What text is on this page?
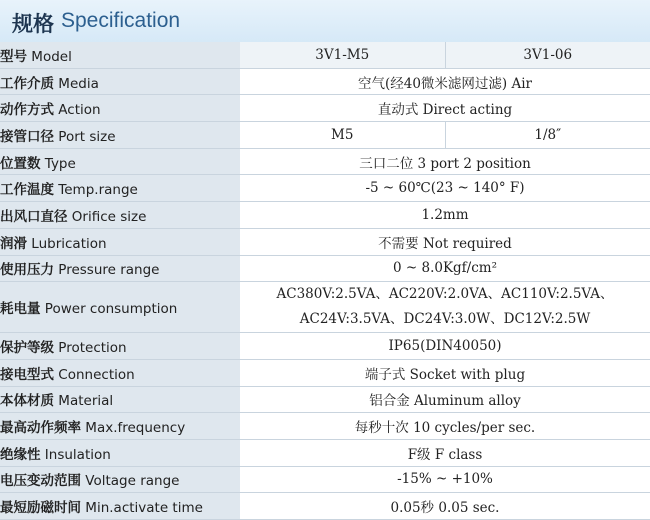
规格 Specification
型号 Model	3V1-M5	3V1-06
工作介质 Media	空气(经40微米滤网过滤) Air	
动作方式 Action	直动式 Direct acting	
接管口径 Port size	M5	1/8″
位置数 Type	三口二位 3 port 2 position	
工作温度 Temp.range	-5 ~ 60℃(23 ~ 140° F)	
出风口直径 Orifice size	1.2mm	
润滑 Lubrication	不需要 Not required	
使用压力 Pressure range	0 ~ 8.0Kgf/cm²	
耗电量 Power consumption	AC380V:2.5VA、AC220V:2.0VA、AC110V:2.5VA、
AC24V:3.5VA、DC24V:3.0W、DC12V:2.5W	

保护等级 Protection	IP65(DIN40050)	
接电型式 Connection	端子式 Socket with plug	
本体材质 Material	铝合金 Aluminum alloy	
最高动作频率 Max.frequency	每秒十次 10 cycles/per sec.	
绝缘性 Insulation	F级 F class	
电压变动范围 Voltage range	-15% ~ +10%	
最短励磁时间 Min.activate time	0.05秒 0.05 sec.	
